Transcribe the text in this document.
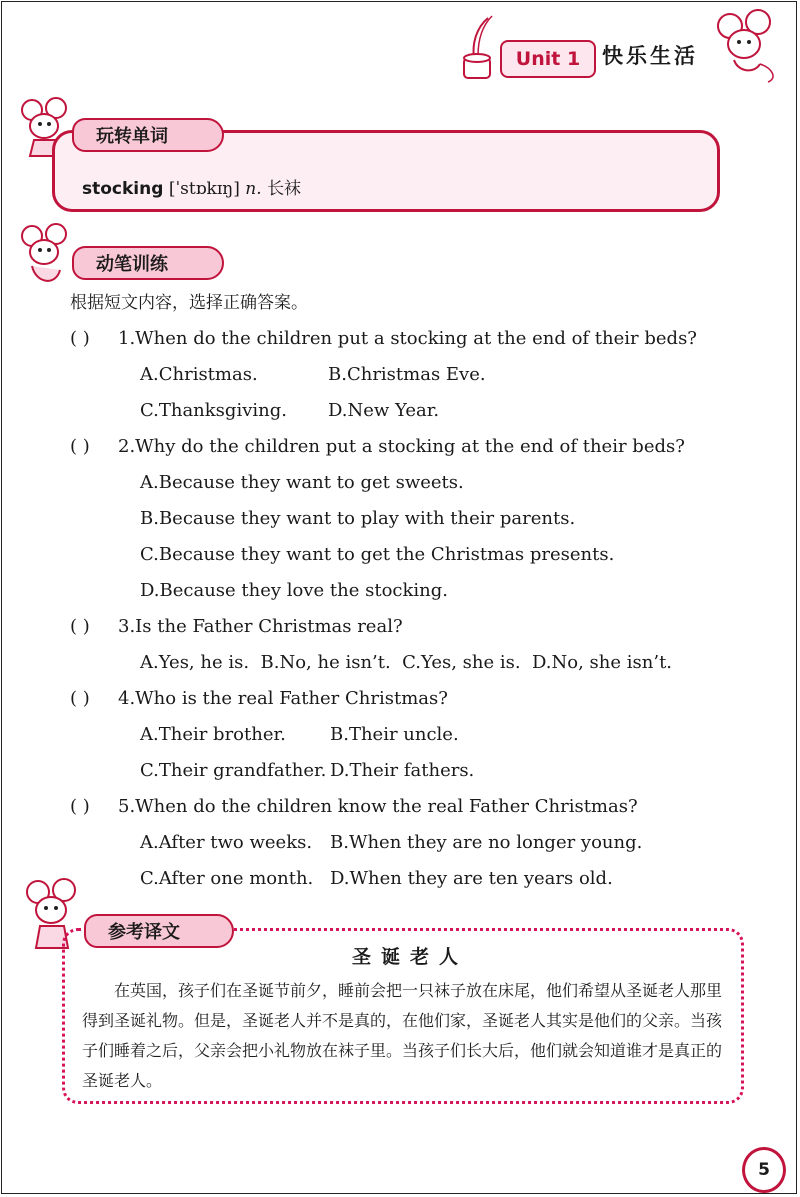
Unit 1	快乐生活
玩转单词
stocking [ˈstɒkɪŋ] n. 长袜
动笔训练
根据短文内容，选择正确答案。
( ) 1.When do the children put a stocking at the end of their beds?
A.Christmas.	B.Christmas Eve.
C.Thanksgiving. D.New Year.
( ) 2.Why do the children put a stocking at the end of their beds?
A.Because they want to get sweets.
B.Because they want to play with their parents.
C.Because they want to get the Christmas presents.
D.Because they love the stocking.
( ) 3.Is the Father Christmas real?
A.Yes, he is.  B.No, he isn’t.  C.Yes, she is.  D.No, she isn’t.
( ) 4.Who is the real Father Christmas?
A.Their brother. B.Their uncle.
C.Their grandfather. D.Their fathers.
( ) 5.When do the children know the real Father Christmas?
A.After two weeks. B.When they are no longer young.
C.After one month. D.When they are ten years old.
参考译文
圣诞老人
在英国，孩子们在圣诞节前夕，睡前会把一只袜子放在床尾，他们希望从圣诞老人那里得到圣诞礼物。但是，圣诞老人并不是真的，在他们家，圣诞老人其实是他们的父亲。当孩子们睡着之后，父亲会把小礼物放在袜子里。当孩子们长大后，他们就会知道谁才是真正的圣诞老人。
5
